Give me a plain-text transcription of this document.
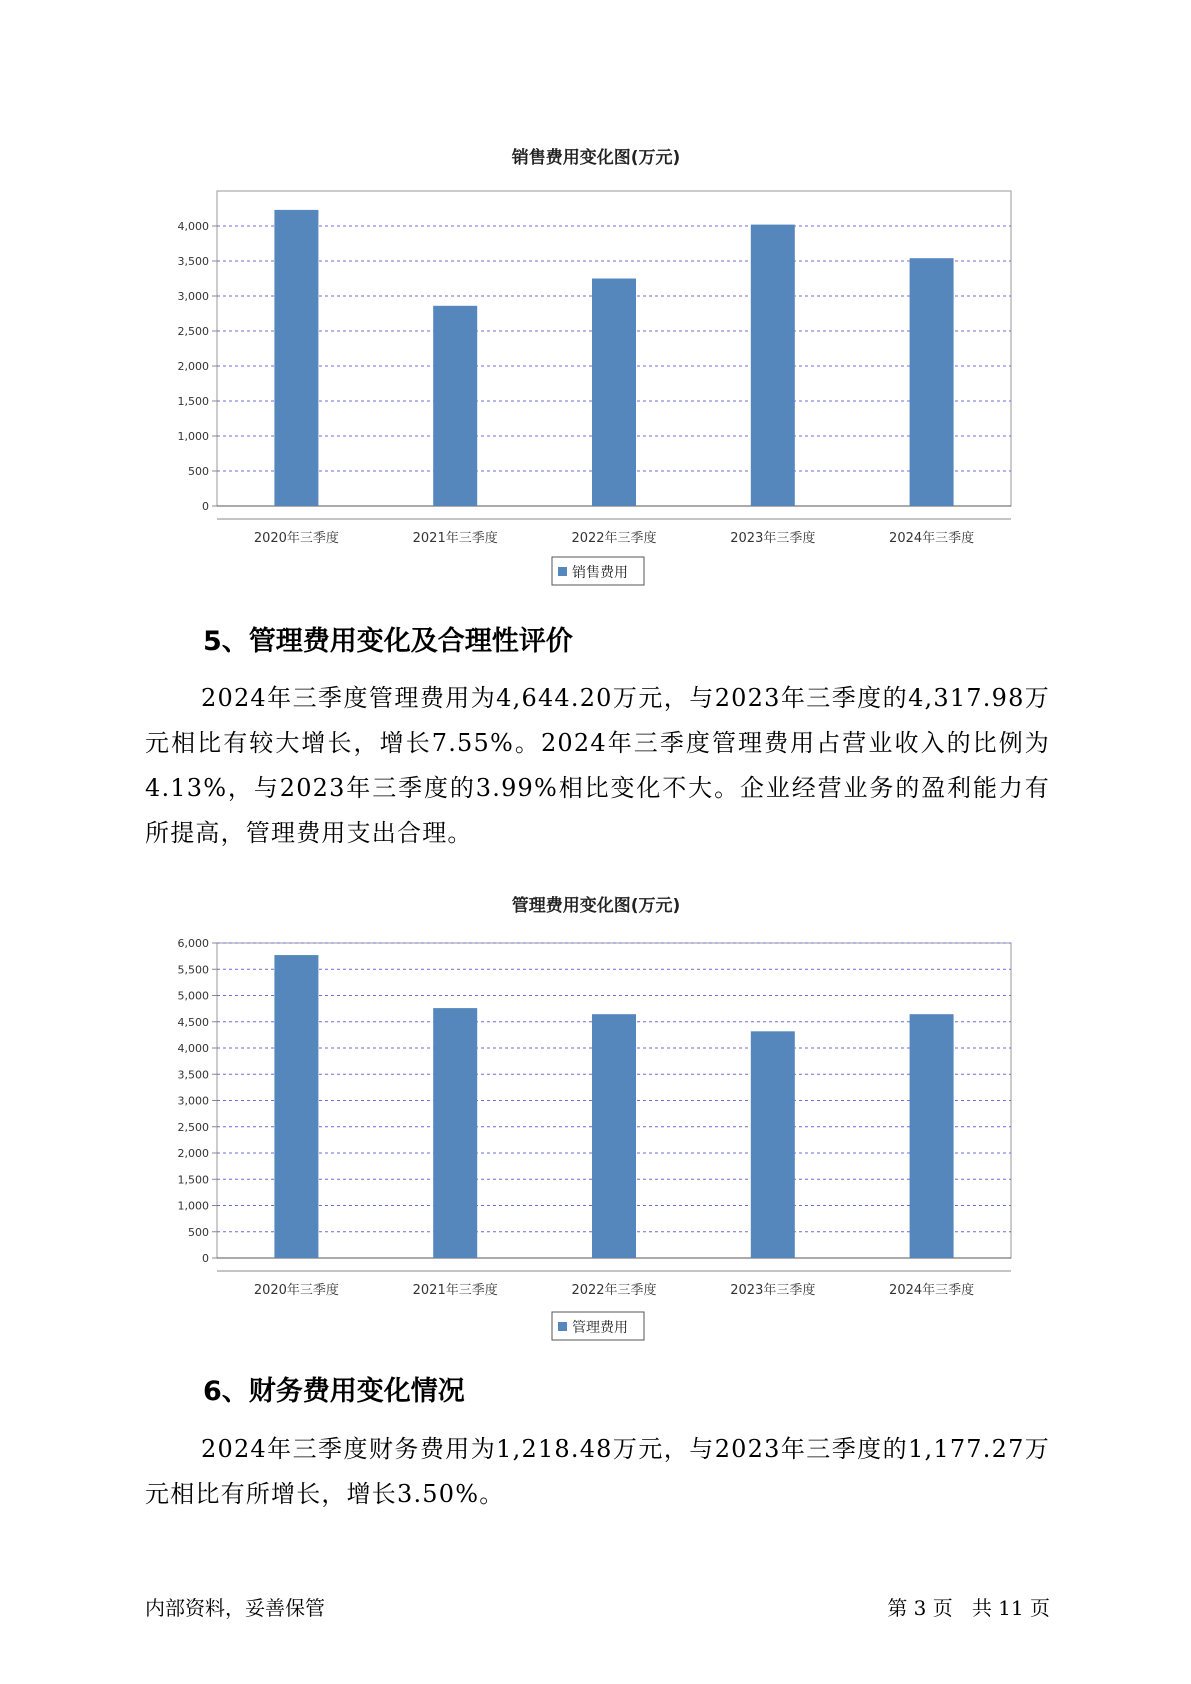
销售费用变化图(万元)
0
500
1,000
1,500
2,000
2,500
3,000
3,500
4,000
2020年三季度	2021年三季度	2022年三季度	2023年三季度	2024年三季度
销售费用
5、管理费用变化及合理性评价

2024年三季度管理费用为4,644.20万元，与2023年三季度的4,317.98万元相比有较大增长，增长7.55%。2024年三季度管理费用占营业收入的比例为4.13%，与2023年三季度的3.99%相比变化不大。企业经营业务的盈利能力有所提高，管理费用支出合理。

管理费用变化图(万元)
0
500
1,000
1,500
2,000
2,500
3,000
3,500
4,000
4,500
5,000
5,500
6,000
2020年三季度	2021年三季度	2022年三季度	2023年三季度	2024年三季度
管理费用
6、财务费用变化情况

2024年三季度财务费用为1,218.48万元，与2023年三季度的1,177.27万元相比有所增长，增长3.50%。

内部资料，妥善保管	第 3 页   共 11 页
